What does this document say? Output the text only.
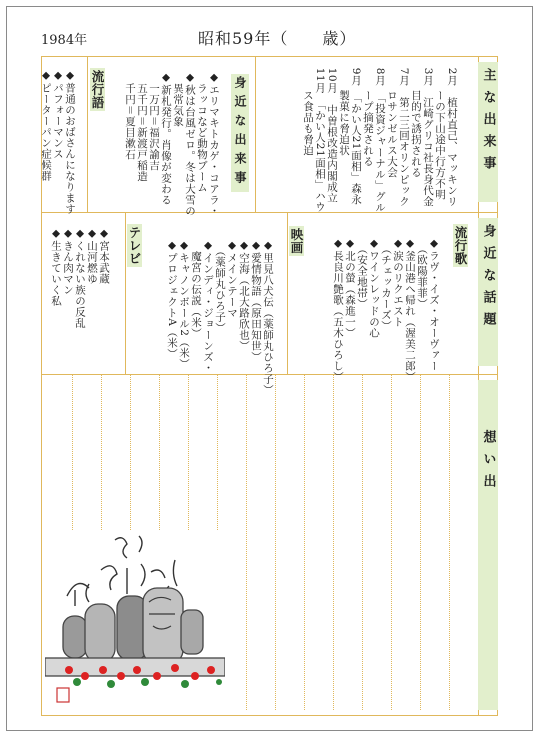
1984年	昭和59年（　　歳）
主な出来事
身近な話題
想い出

2月　植村直己、マッキンリ
　　ーの下山途中行方不明
3月　江崎グリコ社長身代金
　　目的で誘拐される
7月　第二三回オリンピック
　　ロサンゼルス大会
8月　「投資ジャーナル」グル
　　ープ摘発される
9月　「かい人21面相」森永
　　製菓に脅迫状
10月　中曽根改造内閣成立
11月　「かい人21面相」ハウ
　　ス食品も脅迫

身近な出来事

◆エリマキトカゲ・コアラ・
　ラッコなど動物ブーム
◆秋は台風ゼロ。冬は大雪の
　異常気象
◆新札発行。肖像が変わる
　一万円＝福沢諭吉
　五千円＝新渡戸稲造
　千円＝夏目漱石

流行語

◆普通のおばさんになります
◆パフォーマンス
◆ピーターパン症候群

流行歌

◆ラヴ・イズ・オーヴァー
　（欧陽菲菲）
◆釜山港へ帰れ（渥美二郎）
◆涙のリクエスト
　（チェッカーズ）
◆ワインレッドの心
　（安全地帯）
◆北の螢（森進一）
◆長良川艶歌（五木ひろし）

映画

◆里見八犬伝（薬師丸ひろ子）
◆愛情物語（原田知世）
◆空海（北大路欣也）
◆メインテーマ
　（薬師丸ひろ子）
◆インディ・ジョーンズ・
　魔宮の伝説（米）
◆キャノンボール2（米）
◆プロジェクトA（米）

テレビ

◆宮本武蔵
◆山河燃ゆ
◆くれない族の反乱
◆きん肉マン
◆生きていく私
